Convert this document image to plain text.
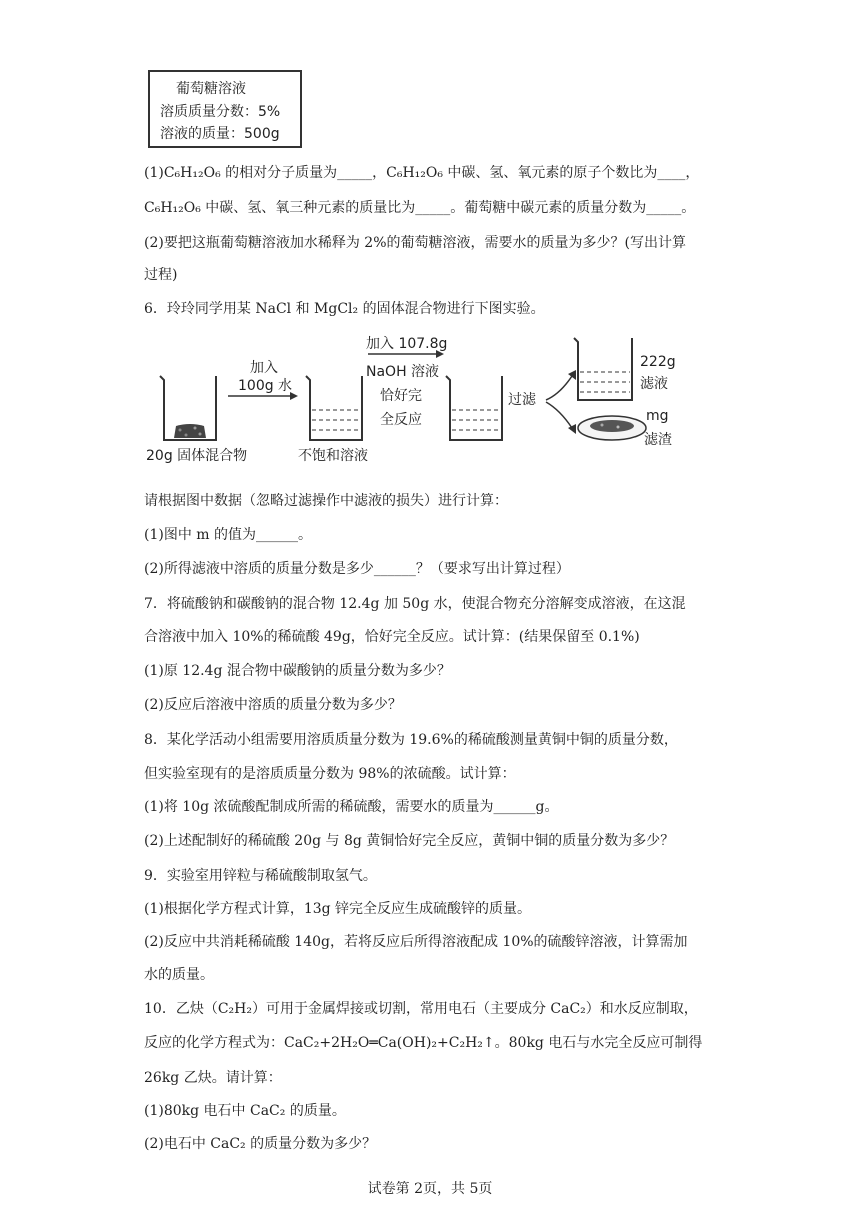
葡萄糖溶液
溶质质量分数：5%
溶液的质量：500g
(1)C₆H₁₂O₆ 的相对分子质量为_____，C₆H₁₂O₆ 中碳、氢、氧元素的原子个数比为____，
C₆H₁₂O₆ 中碳、氢、氧三种元素的质量比为_____。葡萄糖中碳元素的质量分数为_____。
(2)要把这瓶葡萄糖溶液加水稀释为 2%的葡萄糖溶液，需要水的质量为多少？(写出计算
过程)
6．玲玲同学用某 NaCl 和 MgCl₂ 的固体混合物进行下图实验。
20g 固体混合物
加入
100g 水
不饱和溶液
加入 107.8g
NaOH 溶液
恰好完
全反应
过滤
222g
滤液
mg
滤渣
请根据图中数据（忽略过滤操作中滤液的损失）进行计算：
(1)图中 m 的值为______。
(2)所得滤液中溶质的质量分数是多少______？（要求写出计算过程）
7．将硫酸钠和碳酸钠的混合物 12.4g 加 50g 水，使混合物充分溶解变成溶液，在这混
合溶液中加入 10%的稀硫酸 49g，恰好完全反应。试计算：(结果保留至 0.1%)
(1)原 12.4g 混合物中碳酸钠的质量分数为多少？
(2)反应后溶液中溶质的质量分数为多少？
8．某化学活动小组需要用溶质质量分数为 19.6%的稀硫酸测量黄铜中铜的质量分数，
但实验室现有的是溶质质量分数为 98%的浓硫酸。试计算：
(1)将 10g 浓硫酸配制成所需的稀硫酸，需要水的质量为______g。
(2)上述配制好的稀硫酸 20g 与 8g 黄铜恰好完全反应，黄铜中铜的质量分数为多少？
9．实验室用锌粒与稀硫酸制取氢气。
(1)根据化学方程式计算，13g 锌完全反应生成硫酸锌的质量。
(2)反应中共消耗稀硫酸 140g，若将反应后所得溶液配成 10%的硫酸锌溶液，计算需加
水的质量。
10．乙炔（C₂H₂）可用于金属焊接或切割，常用电石（主要成分 CaC₂）和水反应制取，
反应的化学方程式为：CaC₂+2H₂O═Ca(OH)₂+C₂H₂↑。80kg 电石与水完全反应可制得
26kg 乙炔。请计算：
(1)80kg 电石中 CaC₂ 的质量。
(2)电石中 CaC₂ 的质量分数为多少？
试卷第 2页，共 5页
